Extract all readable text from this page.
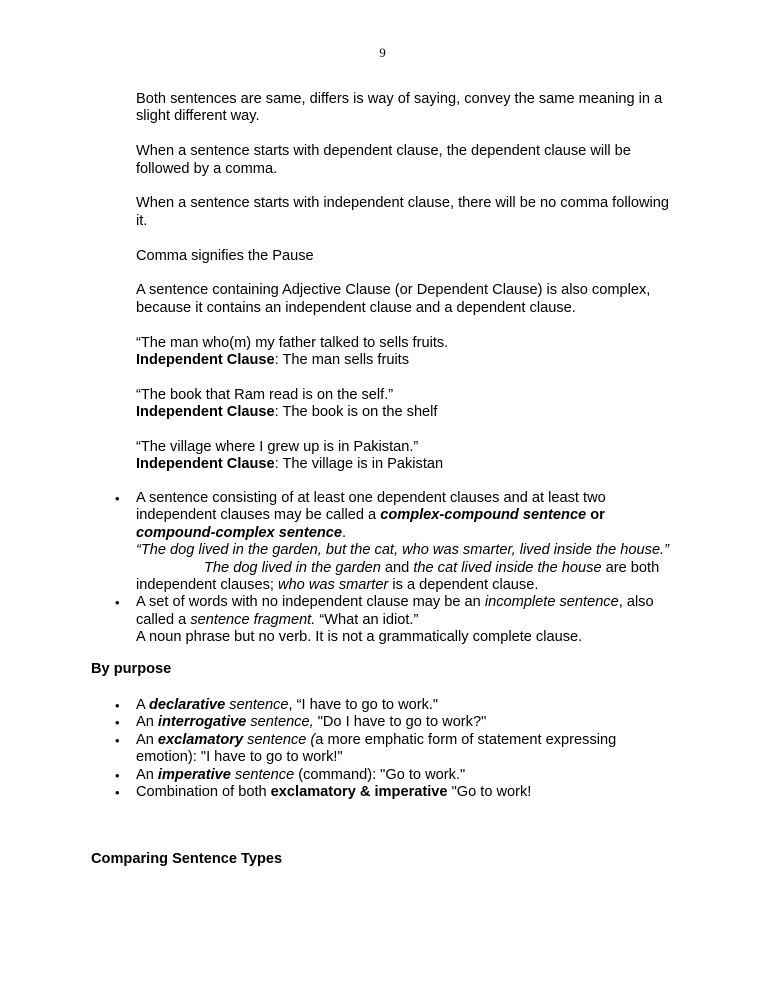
9

Both sentences are same, differs is way of saying, convey the same meaning in a slight different way.

When a sentence starts with dependent clause, the dependent clause will be followed by a comma.

When a sentence starts with independent clause, there will be no comma following it.

Comma signifies the Pause

A sentence containing Adjective Clause (or Dependent Clause) is also complex, because it contains an independent clause and a dependent clause.

“The man who(m) my father talked to sells fruits.
Independent Clause: The man sells fruits

“The book that Ram read is on the self.”
Independent Clause: The book is on the shelf

“The village where I grew up is in Pakistan.”
Independent Clause: The village is in Pakistan

•	A sentence consisting of at least one dependent clauses and at least two independent clauses may be called a complex-compound sentence or compound-complex sentence.
“The dog lived in the garden, but the cat, who was smarter, lived inside the house.”The dog lived in the garden and the cat lived inside the house are both independent clauses; who was smarter is a dependent clause.
•	A set of words with no independent clause may be an incomplete sentence, also called a sentence fragment. “What an idiot.”
A noun phrase but no verb. It is not a grammatically complete clause.
By purpose
•	A declarative sentence, “I have to go to work."
•	An interrogative sentence, "Do I have to go to work?"
•	An exclamatory sentence (a more emphatic form of statement expressing emotion): "I have to go to work!"
•	An imperative sentence (command): "Go to work."
•	Combination of both exclamatory & imperative "Go to work!
Comparing Sentence Types
